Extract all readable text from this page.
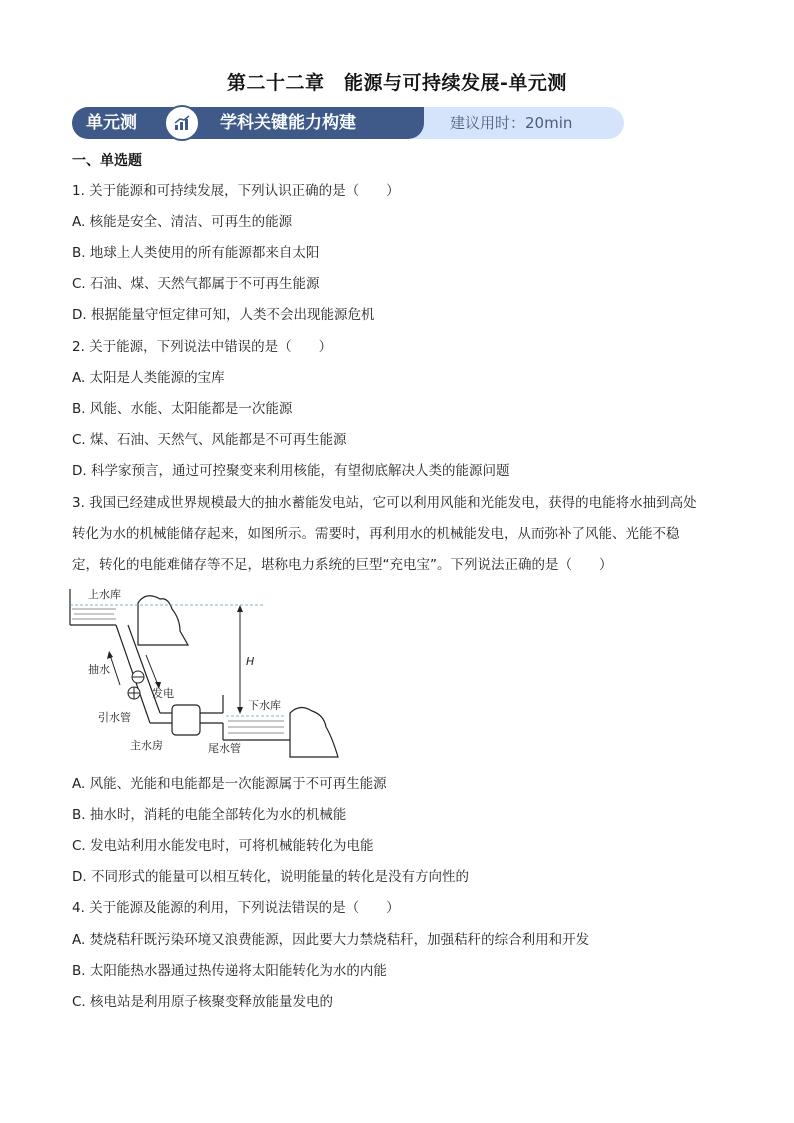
第二十二章　能源与可持续发展-单元测
单元测	学科关键能力构建	建议用时：20min
一、单选题
1. 关于能源和可持续发展，下列认识正确的是（　　）
A. 核能是安全、清洁、可再生的能源
B. 地球上人类使用的所有能源都来自太阳
C. 石油、煤、天然气都属于不可再生能源
D. 根据能量守恒定律可知，人类不会出现能源危机
2. 关于能源，下列说法中错误的是（　　）
A. 太阳是人类能源的宝库
B. 风能、水能、太阳能都是一次能源
C. 煤、石油、天然气、风能都是不可再生能源
D. 科学家预言，通过可控聚变来利用核能，有望彻底解决人类的能源问题
3. 我国已经建成世界规模最大的抽水蓄能发电站，它可以利用风能和光能发电，获得的电能将水抽到高处
转化为水的机械能储存起来，如图所示。需要时，再利用水的机械能发电，从而弥补了风能、光能不稳
定，转化的电能难储存等不足，堪称电力系统的巨型“充电宝”。下列说法正确的是（　　）
上水库
H
抽水
发电
引水管
主水房	尾水管
下水库
A. 风能、光能和电能都是一次能源属于不可再生能源
B. 抽水时，消耗的电能全部转化为水的机械能
C. 发电站利用水能发电时，可将机械能转化为电能
D. 不同形式的能量可以相互转化，说明能量的转化是没有方向性的
4. 关于能源及能源的利用，下列说法错误的是（　　）
A. 焚烧秸秆既污染环境又浪费能源，因此要大力禁烧秸秆，加强秸秆的综合利用和开发
B. 太阳能热水器通过热传递将太阳能转化为水的内能
C. 核电站是利用原子核聚变释放能量发电的
